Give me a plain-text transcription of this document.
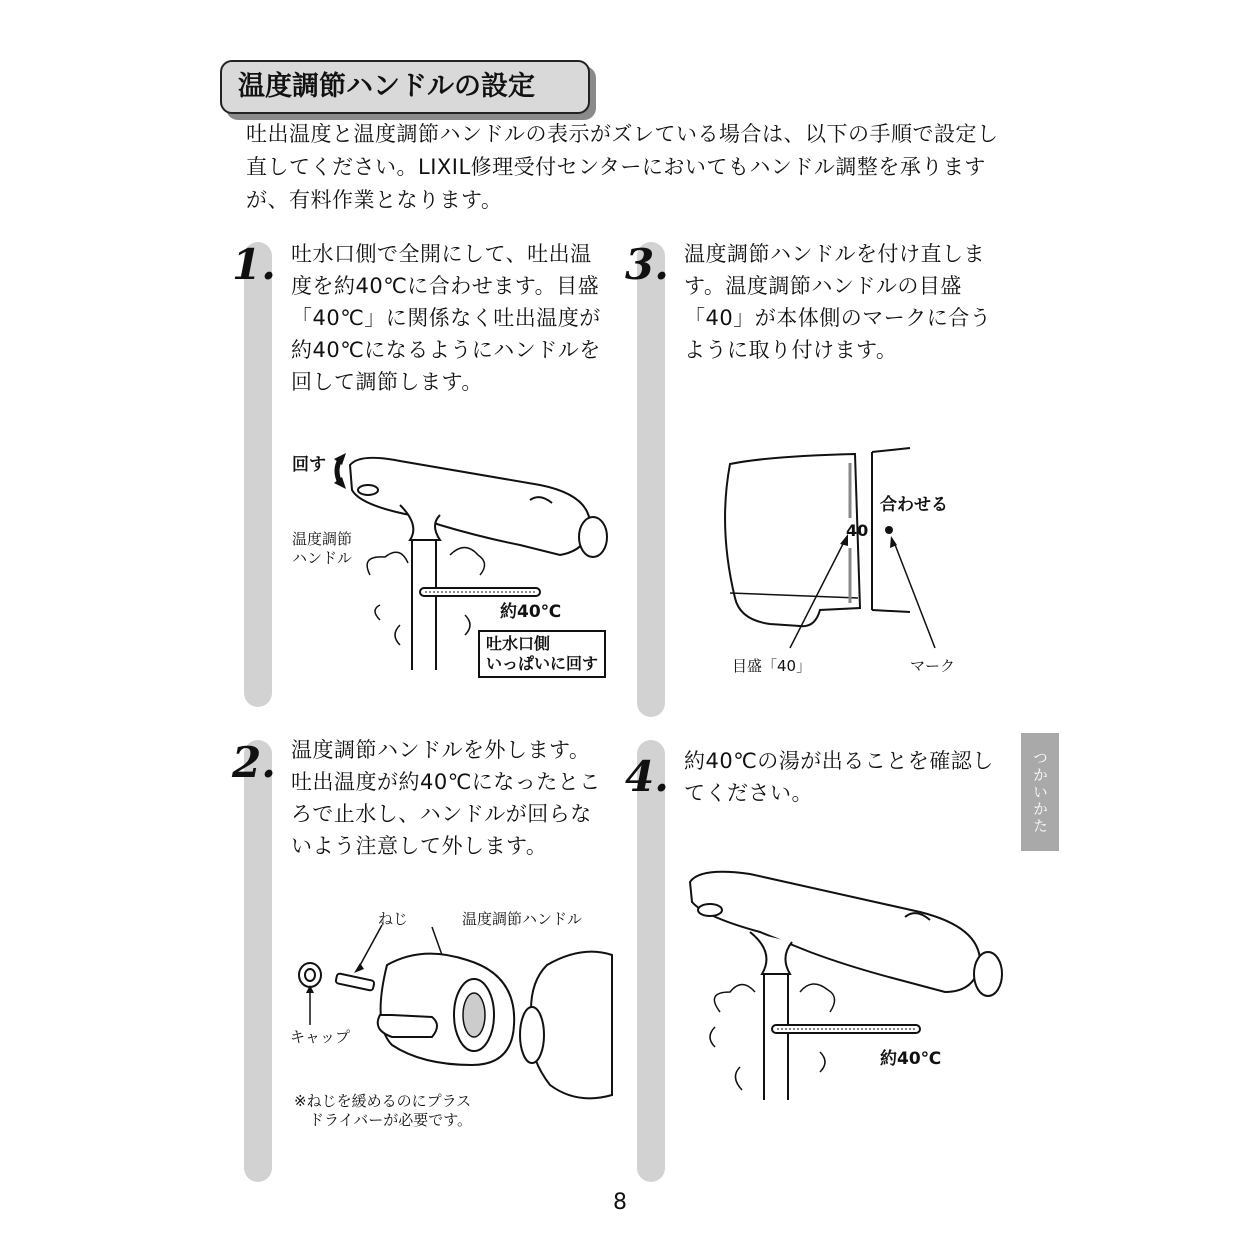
温度調節ハンドルの設定
吐出温度と温度調節ハンドルの表示がズレている場合は、以下の手順で設定し直してください。LIXIL修理受付センターにおいてもハンドル調整を承りますが、有料作業となります。
1.	3.
2.	4.
吐水口側で全開にして、吐出温度を約40℃に合わせます。目盛「40℃」に関係なく吐出温度が約40℃になるようにハンドルを回して調節します。
温度調節ハンドルを付け直します。温度調節ハンドルの目盛「40」が本体側のマークに合うように取り付けます。
温度調節ハンドルを外します。吐出温度が約40℃になったところで止水し、ハンドルが回らないよう注意して外します。
約40℃の湯が出ることを確認してください。
回す
温度調節
ハンドル
約40℃
吐水口側
いっぱいに回す
40
合わせる
目盛「40」	マーク
ねじ	温度調節ハンドル
キャップ
※ねじを緩めるのにプラス
　ドライバーが必要です。
約40℃
つかいかた
8
